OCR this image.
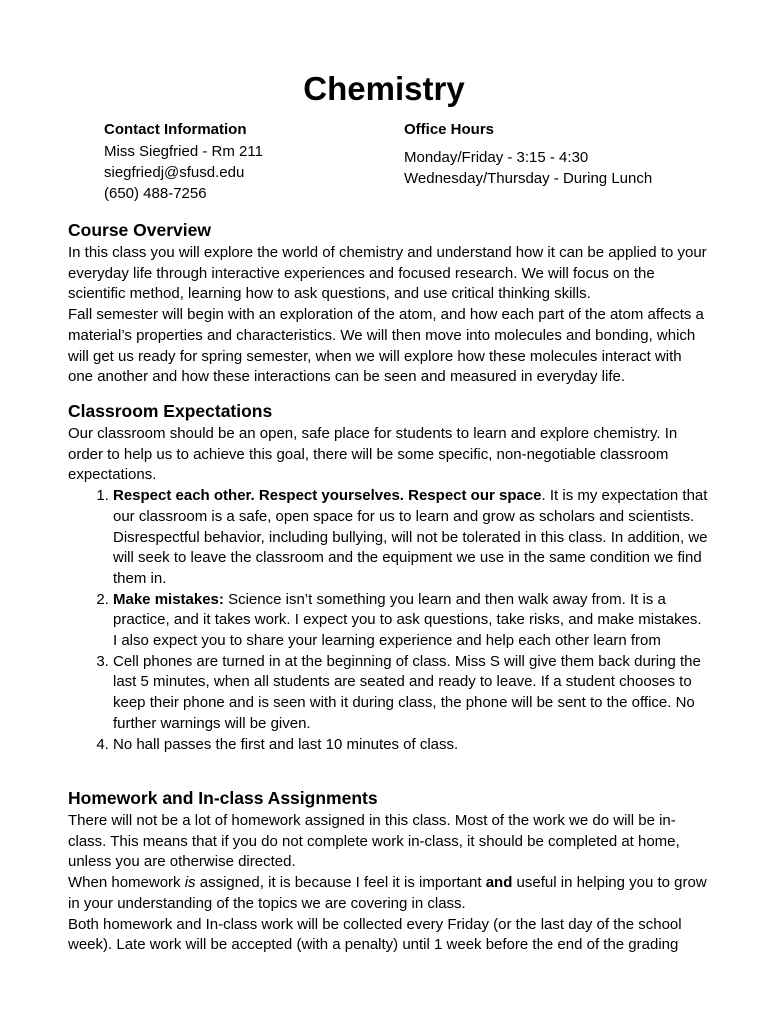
Chemistry
Contact Information
Miss Siegfried - Rm 211
siegfriedj@sfusd.edu
(650) 488-7256
Office Hours
Monday/Friday - 3:15 - 4:30
Wednesday/Thursday - During Lunch
Course Overview

In this class you will explore the world of chemistry and understand how it can be applied to your everyday life through interactive experiences and focused research. We will focus on the scientific method, learning how to ask questions, and use critical thinking skills.

Fall semester will begin with an exploration of the atom, and how each part of the atom affects a material’s properties and characteristics. We will then move into molecules and bonding, which will get us ready for spring semester, when we will explore how these molecules interact with one another and how these interactions can be seen and measured in everyday life.

Classroom Expectations

Our classroom should be an open, safe place for students to learn and explore chemistry. In order to help us to achieve this goal, there will be some specific, non-negotiable classroom expectations.

1. Respect each other. Respect yourselves. Respect our space. It is my expectation that our classroom is a safe, open space for us to learn and grow as scholars and scientists. Disrespectful behavior, including bullying, will not be tolerated in this class. In addition, we will seek to leave the classroom and the equipment we use in the same condition we find them in.
2. Make mistakes: Science isn’t something you learn and then walk away from. It is a practice, and it takes work. I expect you to ask questions, take risks, and make mistakes. I also expect you to share your learning experience and help each other learn from
3. Cell phones are turned in at the beginning of class. Miss S will give them back during the last 5 minutes, when all students are seated and ready to leave. If a student chooses to keep their phone and is seen with it during class, the phone will be sent to the office. No further warnings will be given.
4. No hall passes the first and last 10 minutes of class.
Homework and In-class Assignments

There will not be a lot of homework assigned in this class. Most of the work we do will be in-class. This means that if you do not complete work in-class, it should be completed at home, unless you are otherwise directed.

When homework is assigned, it is because I feel it is important and useful in helping you to grow in your understanding of the topics we are covering in class.

Both homework and In-class work will be collected every Friday (or the last day of the school week). Late work will be accepted (with a penalty) until 1 week before the end of the grading
